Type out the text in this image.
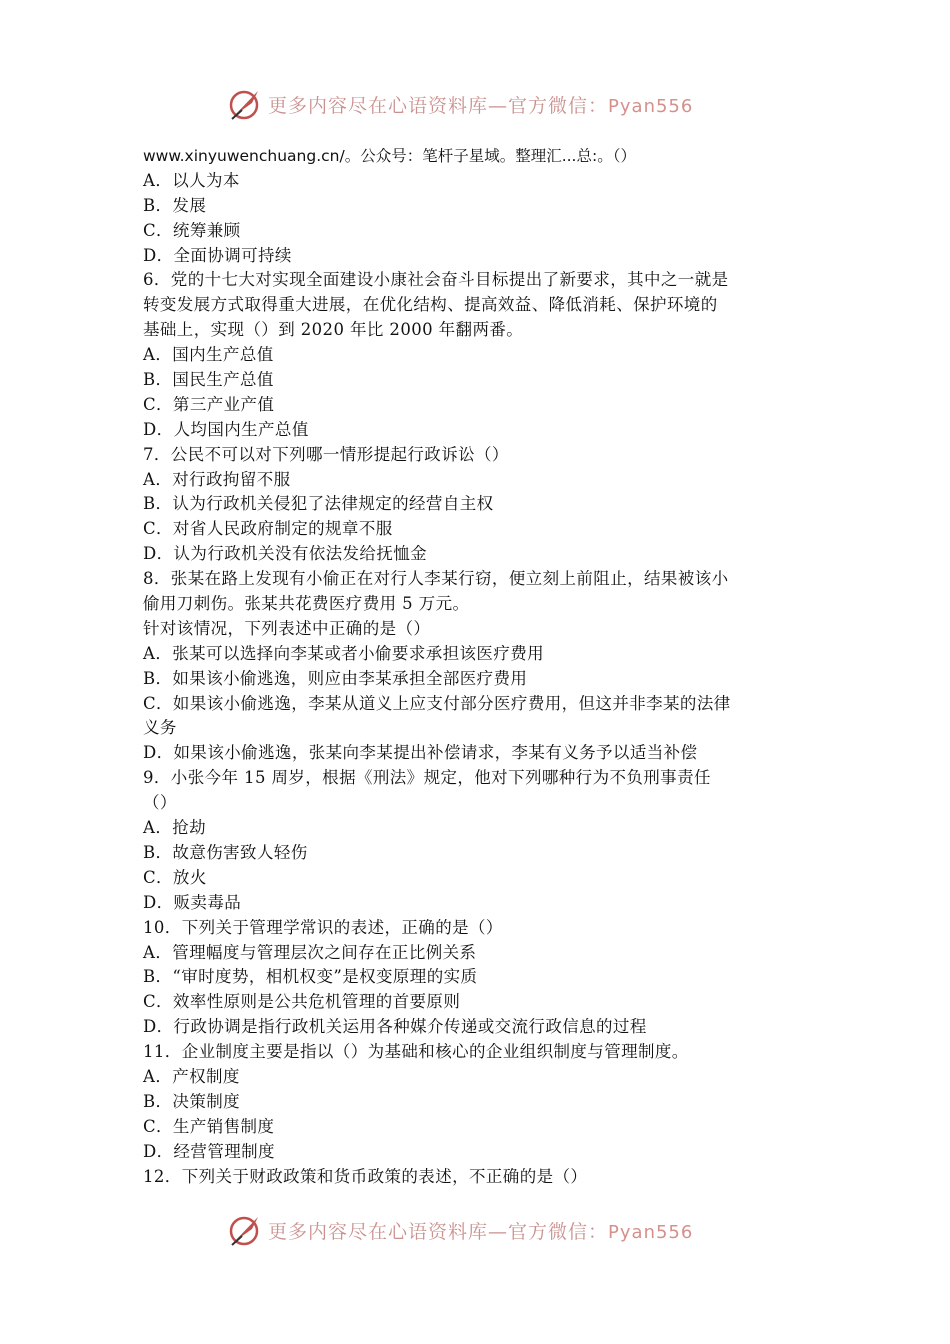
更多内容尽在心语资料库—官方微信：Pyan556
www.xinyuwenchuang.cn/。公众号：笔杆子星域。整理汇...总:。（）
A．以人为本
B．发展
C．统筹兼顾
D．全面协调可持续
6．党的十七大对实现全面建设小康社会奋斗目标提出了新要求，其中之一就是
转变发展方式取得重大进展，在优化结构、提高效益、降低消耗、保护环境的
基础上，实现（）到 2020 年比 2000 年翻两番。
A．国内生产总值
B．国民生产总值
C．第三产业产值
D．人均国内生产总值
7．公民不可以对下列哪一情形提起行政诉讼（）
A．对行政拘留不服
B．认为行政机关侵犯了法律规定的经营自主权
C．对省人民政府制定的规章不服
D．认为行政机关没有依法发给抚恤金
8．张某在路上发现有小偷正在对行人李某行窃，便立刻上前阻止，结果被该小
偷用刀刺伤。张某共花费医疗费用 5 万元。
针对该情况，下列表述中正确的是（）
A．张某可以选择向李某或者小偷要求承担该医疗费用
B．如果该小偷逃逸，则应由李某承担全部医疗费用
C．如果该小偷逃逸，李某从道义上应支付部分医疗费用，但这并非李某的法律
义务
D．如果该小偷逃逸，张某向李某提出补偿请求，李某有义务予以适当补偿
9．小张今年 15 周岁，根据《刑法》规定，他对下列哪种行为不负刑事责任
（）
A．抢劫
B．故意伤害致人轻伤
C．放火
D．贩卖毒品
10．下列关于管理学常识的表述，正确的是（）
A．管理幅度与管理层次之间存在正比例关系
B．“审时度势，相机权变”是权变原理的实质
C．效率性原则是公共危机管理的首要原则
D．行政协调是指行政机关运用各种媒介传递或交流行政信息的过程
11．企业制度主要是指以（）为基础和核心的企业组织制度与管理制度。
A．产权制度
B．决策制度
C．生产销售制度
D．经营管理制度
12．下列关于财政政策和货币政策的表述，不正确的是（）
更多内容尽在心语资料库—官方微信：Pyan556
